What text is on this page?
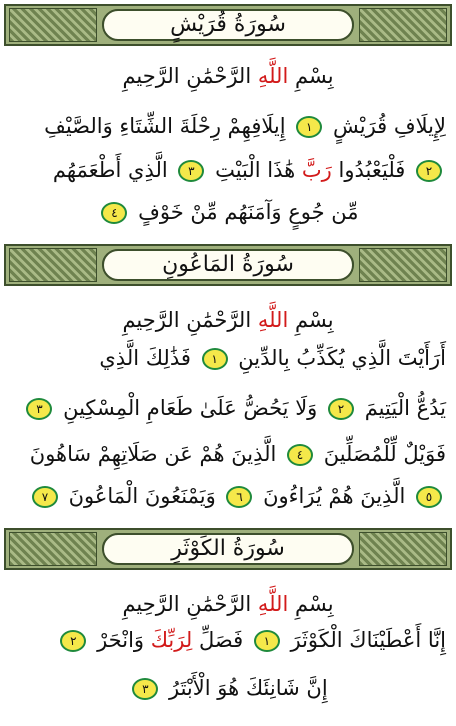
سُورَةُ قُرَيْشٍ
بِسْمِ اللَّهِ الرَّحْمَٰنِ الرَّحِيمِ
لِإِيلَافِ قُرَيْشٍ ١ إِيلَافِهِمْ رِحْلَةَ الشِّتَاءِ وَالصَّيْفِ
٢ فَلْيَعْبُدُوا رَبَّ هَٰذَا الْبَيْتِ ٣ الَّذِي أَطْعَمَهُم
مِّن جُوعٍ وَآمَنَهُم مِّنْ خَوْفٍ ٤
سُورَةُ المَاعُونِ
بِسْمِ اللَّهِ الرَّحْمَٰنِ الرَّحِيمِ
أَرَأَيْتَ الَّذِي يُكَذِّبُ بِالدِّينِ ١ فَذَٰلِكَ الَّذِي
يَدُعُّ الْيَتِيمَ ٢ وَلَا يَحُضُّ عَلَىٰ طَعَامِ الْمِسْكِينِ ٣
فَوَيْلٌ لِّلْمُصَلِّينَ ٤ الَّذِينَ هُمْ عَن صَلَاتِهِمْ سَاهُونَ
٥ الَّذِينَ هُمْ يُرَاءُونَ ٦ وَيَمْنَعُونَ الْمَاعُونَ ٧
سُورَةُ الكَوْثَرِ
بِسْمِ اللَّهِ الرَّحْمَٰنِ الرَّحِيمِ
إِنَّا أَعْطَيْنَاكَ الْكَوْثَرَ ١ فَصَلِّ لِرَبِّكَ وَانْحَرْ ٢
إِنَّ شَانِئَكَ هُوَ الْأَبْتَرُ ٣
